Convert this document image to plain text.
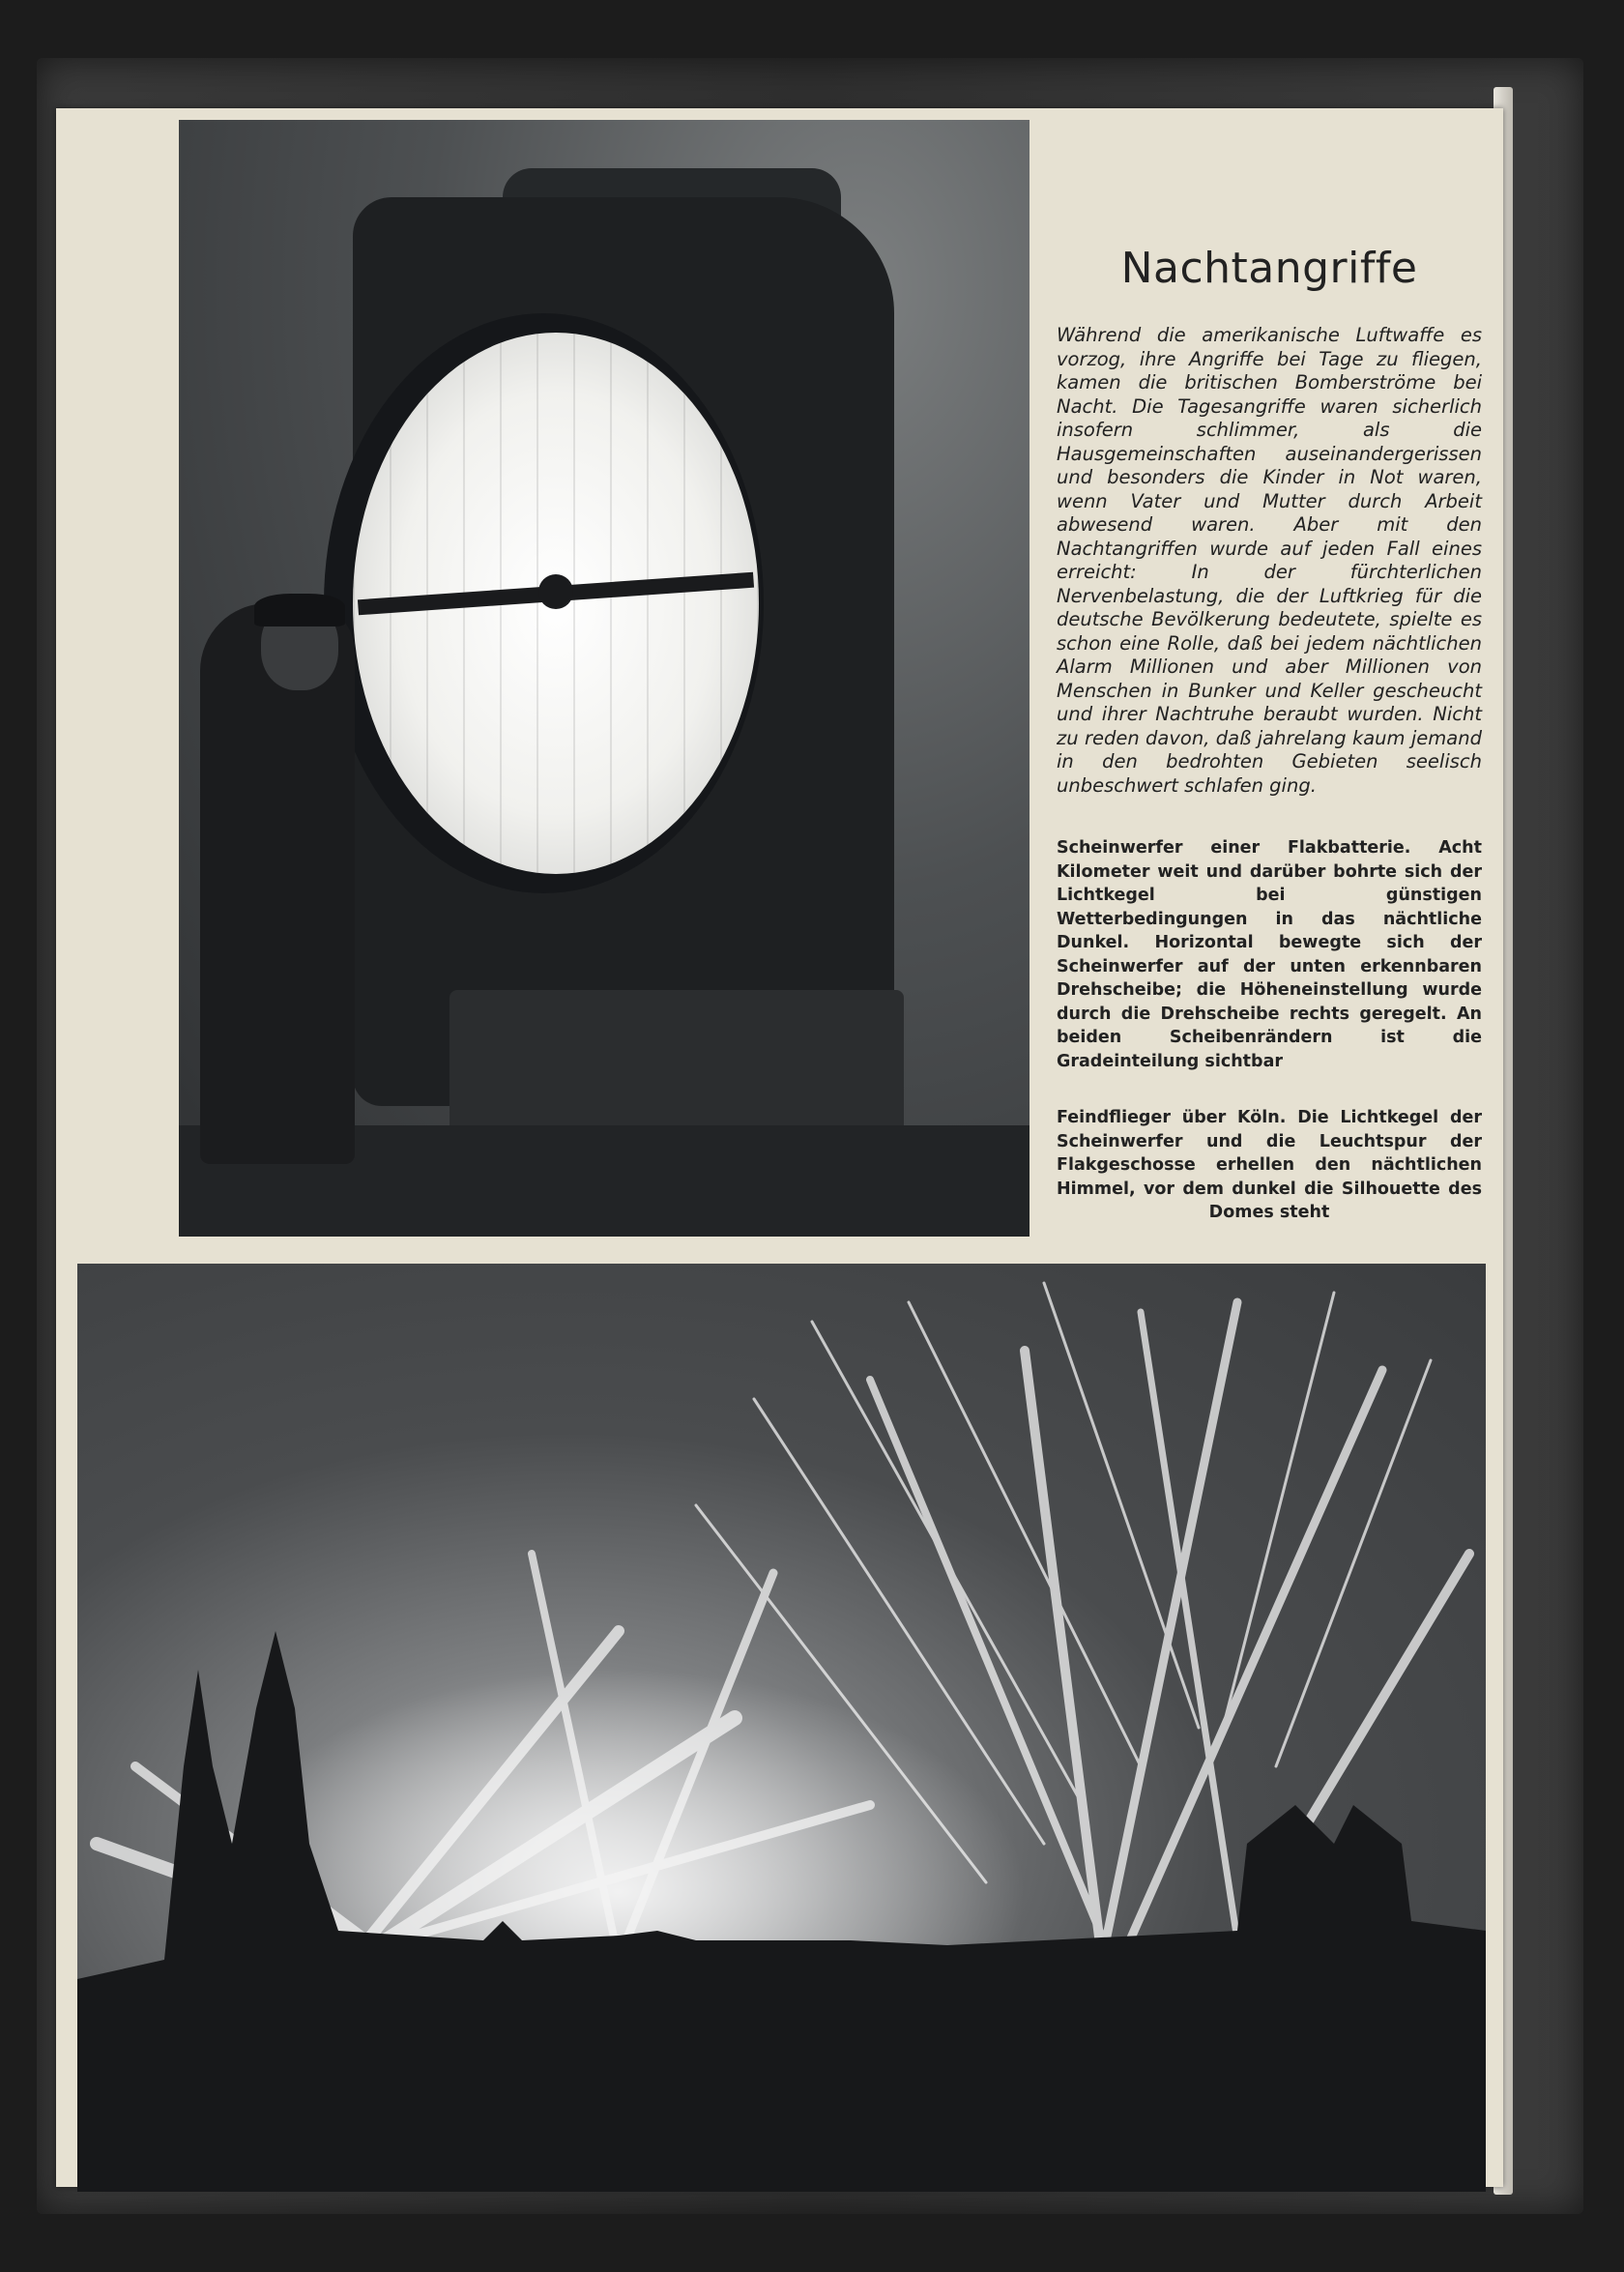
Nachtangriffe

Während die amerikanische Luftwaffe es vorzog, ihre Angriffe bei Tage zu fliegen, kamen die britischen Bomberströme bei Nacht. Die Tagesangriffe waren sicherlich insofern schlimmer, als die Hausgemeinschaften auseinandergerissen und besonders die Kinder in Not waren, wenn Vater und Mutter durch Arbeit abwesend waren. Aber mit den Nachtangriffen wurde auf jeden Fall eines erreicht: In der fürchterlichen Nervenbelastung, die der Luftkrieg für die deutsche Bevölkerung bedeutete, spielte es schon eine Rolle, daß bei jedem nächtlichen Alarm Millionen und aber Millionen von Menschen in Bunker und Keller gescheucht und ihrer Nachtruhe beraubt wurden. Nicht zu reden davon, daß jahrelang kaum jemand in den bedrohten Gebieten seelisch unbeschwert schlafen ging.

Scheinwerfer einer Flakbatterie. Acht Kilometer weit und darüber bohrte sich der Lichtkegel bei günstigen Wetterbedingungen in das nächtliche Dunkel. Horizontal bewegte sich der Scheinwerfer auf der unten erkennbaren Drehscheibe; die Höheneinstellung wurde durch die Drehscheibe rechts geregelt. An beiden Scheibenrändern ist die Gradeinteilung sichtbar

Feindflieger über Köln. Die Lichtkegel der Scheinwerfer und die Leuchtspur der Flakgeschosse erhellen den nächtlichen Himmel, vor dem dunkel die Silhouette des Domes steht
